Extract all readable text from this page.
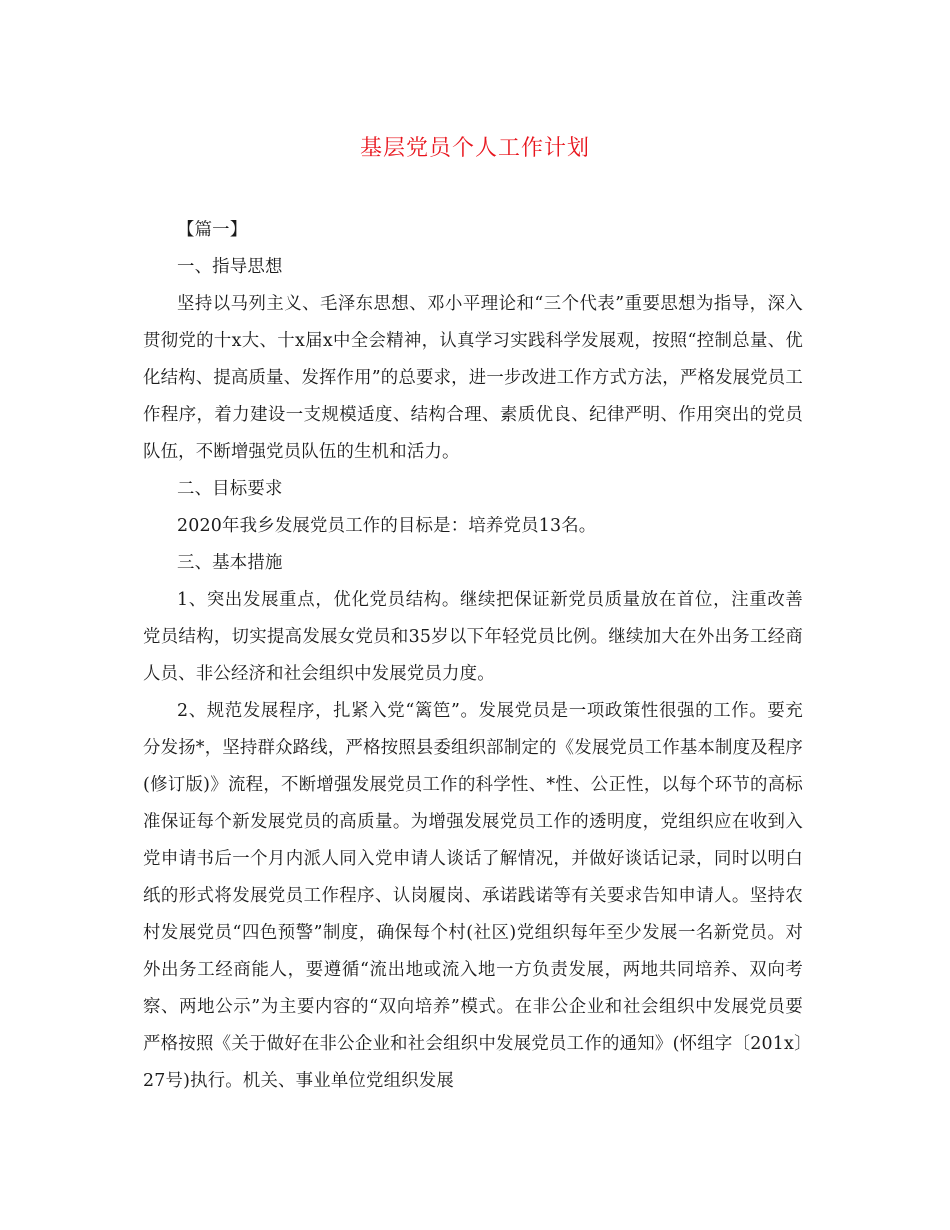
基层党员个人工作计划

【篇一】

一、指导思想

坚持以马列主义、毛泽东思想、邓小平理论和“三个代表”重要思想为指导，深入贯彻党的十x大、十x届x中全会精神，认真学习实践科学发展观，按照“控制总量、优化结构、提高质量、发挥作用”的总要求，进一步改进工作方式方法，严格发展党员工作程序，着力建设一支规模适度、结构合理、素质优良、纪律严明、作用突出的党员队伍，不断增强党员队伍的生机和活力。

二、目标要求

2020年我乡发展党员工作的目标是：培养党员13名。

三、基本措施

1、突出发展重点，优化党员结构。继续把保证新党员质量放在首位，注重改善党员结构，切实提高发展女党员和35岁以下年轻党员比例。继续加大在外出务工经商人员、非公经济和社会组织中发展党员力度。

2、规范发展程序，扎紧入党“篱笆”。发展党员是一项政策性很强的工作。要充分发扬*，坚持群众路线，严格按照县委组织部制定的《发展党员工作基本制度及程序(修订版)》流程，不断增强发展党员工作的科学性、*性、公正性，以每个环节的高标准保证每个新发展党员的高质量。为增强发展党员工作的透明度，党组织应在收到入党申请书后一个月内派人同入党申请人谈话了解情况，并做好谈话记录，同时以明白纸的形式将发展党员工作程序、认岗履岗、承诺践诺等有关要求告知申请人。坚持农村发展党员“四色预警”制度，确保每个村(社区)党组织每年至少发展一名新党员。对外出务工经商能人，要遵循“流出地或流入地一方负责发展，两地共同培养、双向考察、两地公示”为主要内容的“双向培养”模式。在非公企业和社会组织中发展党员要严格按照《关于做好在非公企业和社会组织中发展党员工作的通知》(怀组字〔201x〕27号)执行。机关、事业单位党组织发展
